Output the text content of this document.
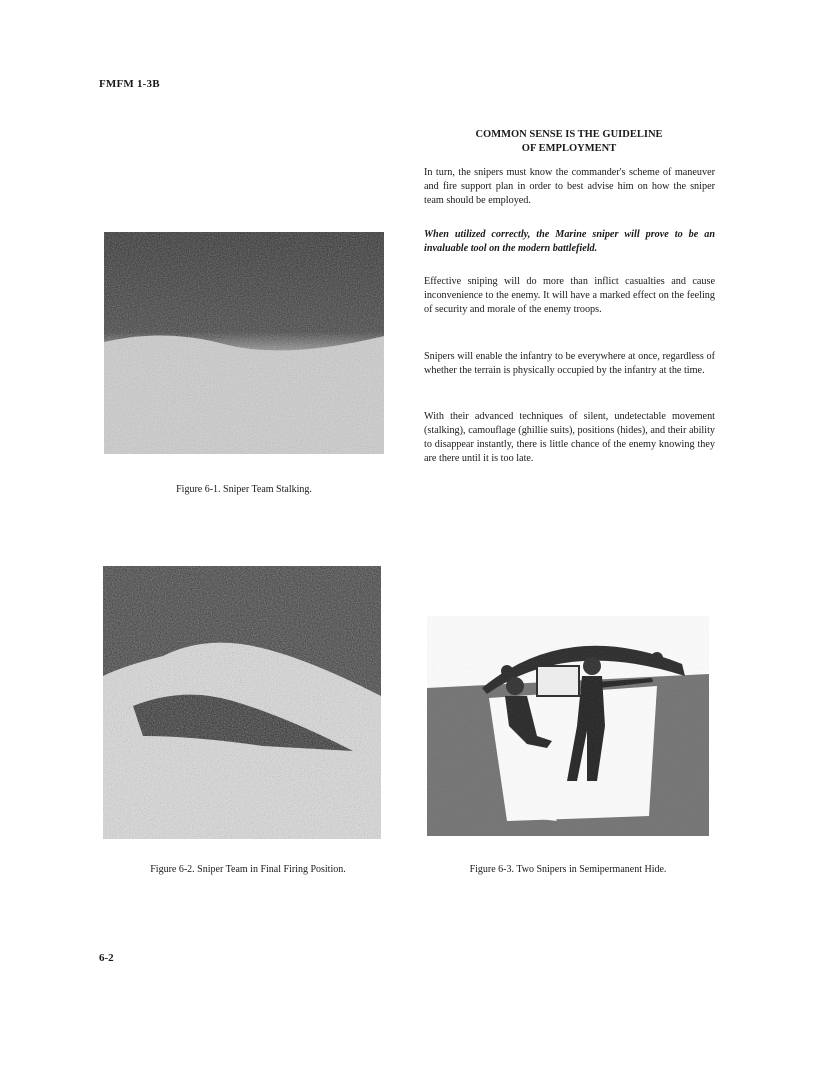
FMFM 1-3B
COMMON SENSE IS THE GUIDELINE
OF EMPLOYMENT

In turn, the snipers must know the commander's scheme of maneuver and fire support plan in order to best advise him on how the sniper team should be employed.

When utilized correctly, the Marine sniper will prove to be an invaluable tool on the modern battlefield.

Effective sniping will do more than inflict casualties and cause inconvenience to the enemy. It will have a marked effect on the feeling of security and morale of the enemy troops.

Snipers will enable the infantry to be everywhere at once, regardless of whether the terrain is physically occupied by the infantry at the time.

With their advanced techniques of silent, undetectable movement (stalking), camouflage (ghillie suits), positions (hides), and their ability to disappear instantly, there is little chance of the enemy knowing they are there until it is too late.

Figure 6-1. Sniper Team Stalking.
Figure 6-2. Sniper Team in Final Firing Position.	Figure 6-3. Two Snipers in Semipermanent Hide.
6-2
